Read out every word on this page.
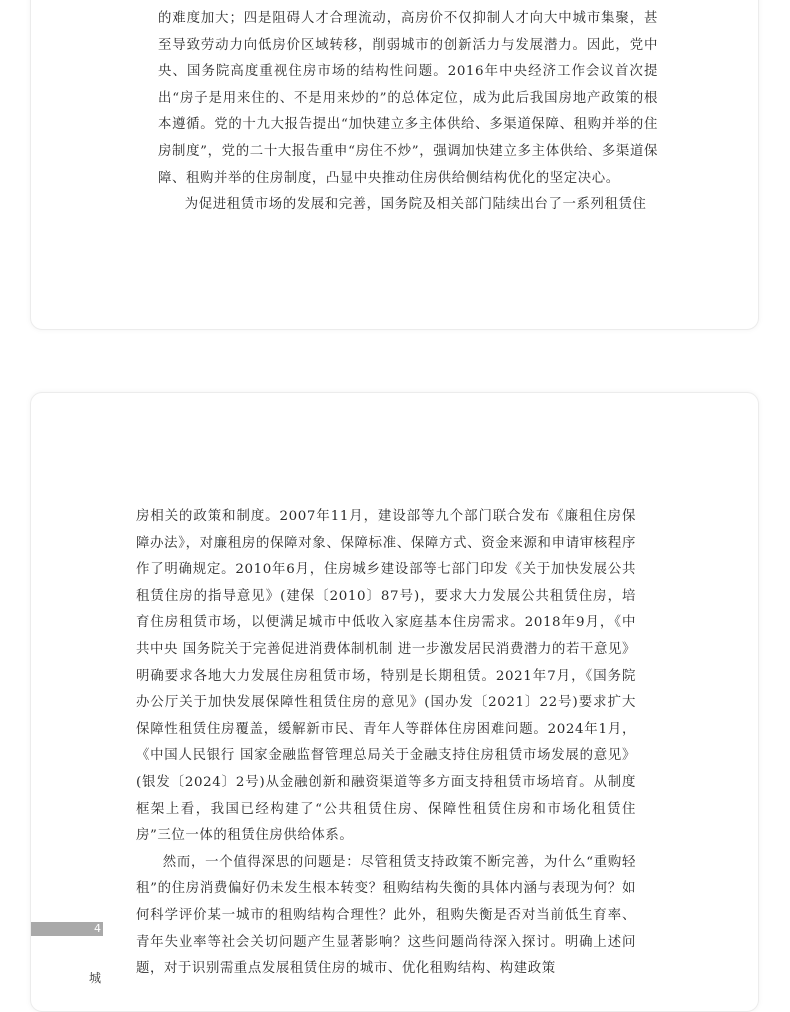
的难度加大；四是阻碍人才合理流动，高房价不仅抑制人才向大中城市集聚，甚至导致劳动力向低房价区域转移，削弱城市的创新活力与发展潜力。因此，党中央、国务院高度重视住房市场的结构性问题。2016年中央经济工作会议首次提出“房子是用来住的、不是用来炒的”的总体定位，成为此后我国房地产政策的根本遵循。党的十九大报告提出“加快建立多主体供给、多渠道保障、租购并举的住房制度”，党的二十大报告重申“房住不炒”，强调加快建立多主体供给、多渠道保障、租购并举的住房制度，凸显中央推动住房供给侧结构优化的坚定决心。

为促进租赁市场的发展和完善，国务院及相关部门陆续出台了一系列租赁住

4
城

房相关的政策和制度。2007年11月，建设部等九个部门联合发布《廉租住房保障办法》，对廉租房的保障对象、保障标准、保障方式、资金来源和申请审核程序作了明确规定。2010年6月，住房城乡建设部等七部门印发《关于加快发展公共租赁住房的指导意见》(建保〔2010〕87号)，要求大力发展公共租赁住房，培育住房租赁市场，以便满足城市中低收入家庭基本住房需求。2018年9月，《中共中央 国务院关于完善促进消费体制机制 进一步激发居民消费潜力的若干意见》明确要求各地大力发展住房租赁市场，特别是长期租赁。2021年7月，《国务院办公厅关于加快发展保障性租赁住房的意见》(国办发〔2021〕22号)要求扩大保障性租赁住房覆盖，缓解新市民、青年人等群体住房困难问题。2024年1月，《中国人民银行 国家金融监督管理总局关于金融支持住房租赁市场发展的意见》(银发〔2024〕2号)从金融创新和融资渠道等多方面支持租赁市场培育。从制度框架上看，我国已经构建了“公共租赁住房、保障性租赁住房和市场化租赁住房”三位一体的租赁住房供给体系。

然而，一个值得深思的问题是：尽管租赁支持政策不断完善，为什么“重购轻租”的住房消费偏好仍未发生根本转变？租购结构失衡的具体内涵与表现为何？如何科学评价某一城市的租购结构合理性？此外，租购失衡是否对当前低生育率、青年失业率等社会关切问题产生显著影响？这些问题尚待深入探讨。明确上述问题，对于识别需重点发展租赁住房的城市、优化租购结构、构建政策
